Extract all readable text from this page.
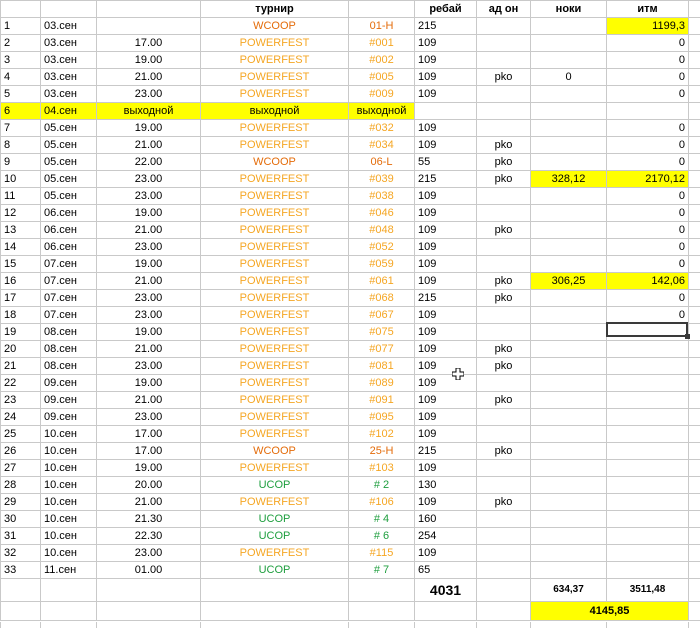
			турнир		ребай	ад он	ноки	итм	
1	03.сен		WCOOP	01-H	215			1199,3	
2	03.сен	17.00	POWERFEST	#001	109			0	
3	03.сен	19.00	POWERFEST	#002	109			0	
4	03.сен	21.00	POWERFEST	#005	109	pko	0	0	
5	03.сен	23.00	POWERFEST	#009	109			0	
6	04.сен	выходной	выходной	выходной					
7	05.сен	19.00	POWERFEST	#032	109			0	
8	05.сен	21.00	POWERFEST	#034	109	pko		0	
9	05.сен	22.00	WCOOP	06-L	55	pko		0	
10	05.сен	23.00	POWERFEST	#039	215	pko	328,12	2170,12	
11	05.сен	23.00	POWERFEST	#038	109			0	
12	06.сен	19.00	POWERFEST	#046	109			0	
13	06.сен	21.00	POWERFEST	#048	109	pko		0	
14	06.сен	23.00	POWERFEST	#052	109			0	
15	07.сен	19.00	POWERFEST	#059	109			0	
16	07.сен	21.00	POWERFEST	#061	109	pko	306,25	142,06	
17	07.сен	23.00	POWERFEST	#068	215	pko		0	
18	07.сен	23.00	POWERFEST	#067	109			0	
19	08.сен	19.00	POWERFEST	#075	109				
20	08.сен	21.00	POWERFEST	#077	109	pko			
21	08.сен	23.00	POWERFEST	#081	109	pko			
22	09.сен	19.00	POWERFEST	#089	109				
23	09.сен	21.00	POWERFEST	#091	109	pko			
24	09.сен	23.00	POWERFEST	#095	109				
25	10.сен	17.00	POWERFEST	#102	109				
26	10.сен	17.00	WCOOP	25-H	215	pko			
27	10.сен	19.00	POWERFEST	#103	109				
28	10.сен	20.00	UCOP	# 2	130				
29	10.сен	21.00	POWERFEST	#106	109	pko			
30	10.сен	21.30	UCOP	# 4	160				
31	10.сен	22.30	UCOP	# 6	254				
32	10.сен	23.00	POWERFEST	#115	109				
33	11.сен	01.00	UCOP	# 7	65				
					4031		634,37	3511,48	
							4145,85		
